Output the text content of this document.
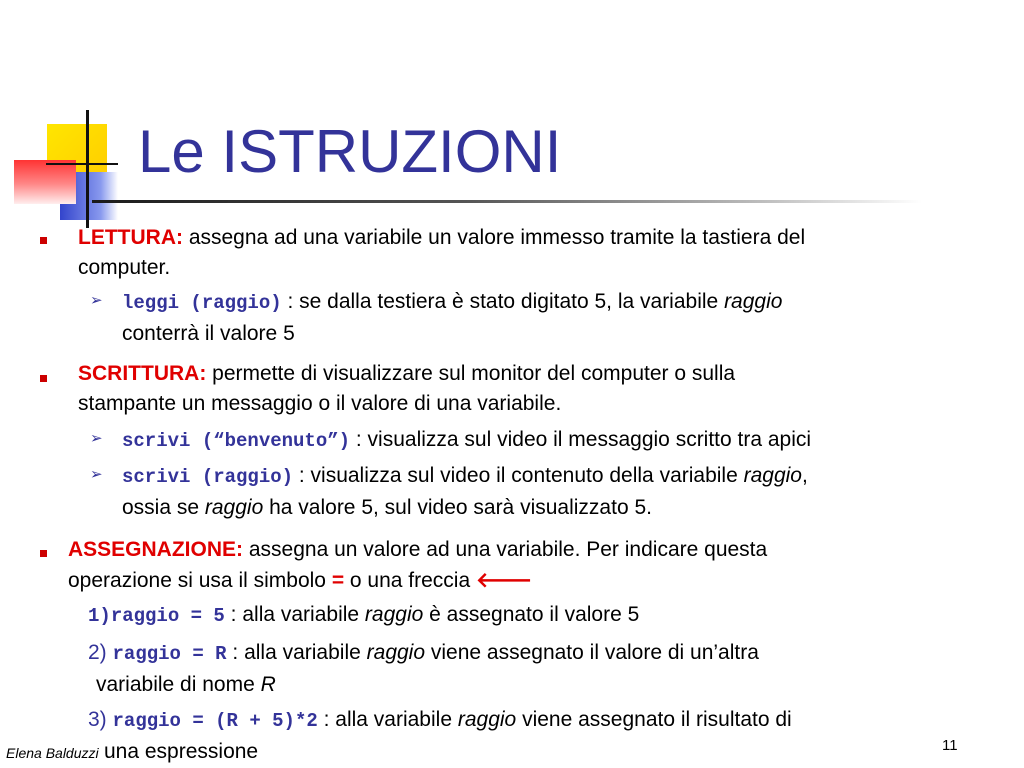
Le ISTRUZIONI
LETTURA: assegna ad una variabile un valore immesso tramite la tastiera del
computer.
➢ leggi (raggio) : se dalla testiera è stato digitato 5, la variabile raggio
conterrà il valore 5
SCRITTURA: permette di visualizzare sul monitor del computer o sulla
stampante un messaggio o il valore di una variabile.
➢ scrivi (“benvenuto”) : visualizza sul video il messaggio scritto tra apici
➢ scrivi (raggio) : visualizza sul video il contenuto della variabile raggio,
ossia se raggio ha valore 5, sul video sarà visualizzato 5.
ASSEGNAZIONE: assegna un valore ad una variabile. Per indicare questa
operazione si usa il simbolo = o una freccia 🡐
1)raggio = 5 : alla variabile raggio è assegnato il valore 5
2) raggio = R : alla variabile raggio viene assegnato il valore di un’altra
variabile di nome R
3) raggio = (R + 5)*2 : alla variabile raggio viene assegnato il risultato di
una espressione
Elena Balduzzi	11
